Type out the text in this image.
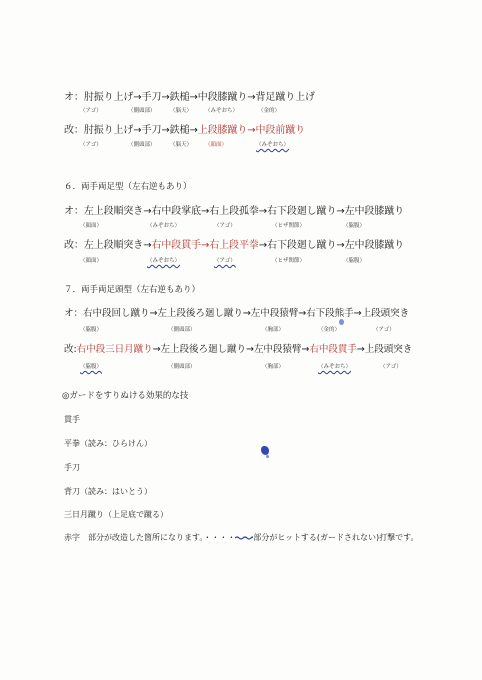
オ：肘振り上げ→手刀→鉄槌→中段膝蹴り→背足蹴り上げ
（アゴ）	（側頭部）	（脳天） （みぞおち）	（金的）
改：肘振り上げ→手刀→鉄槌→上段膝蹴り→中段前蹴り
（アゴ）	（側頭部）	（脳天） （顔面）	（みぞおち）
６．両手両足型（左右逆もあり）
オ：左上段順突き→右中段掌底→右上段孤拳→右下段廻し蹴り→左中段膝蹴り
（顔面）	（みぞおち）	（アゴ）	（ヒザ関節）	（脇腹）
改：左上段順突き→右中段貫手→右上段平拳→右下段廻し蹴り→左中段膝蹴り
（顔面）	（みぞおち）	（アゴ）	（ヒザ関節）	（脇腹）
７．両手両足頭型（左右逆もあり）
オ：右中段回し蹴り→左上段後ろ廻し蹴り→左中段猿臂→右下段熊手→上段頭突き
（脇腹）	（側頭部）	（胸部）	（金的）	（アゴ）
改:右中段三日月蹴り→左上段後ろ廻し蹴り→左中段猿臂→右中段貫手→上段頭突き
（脇腹）	（側頭部）	（胸部）	（みぞおち）	（アゴ）
◎ガードをすりぬける効果的な技
貫手
平拳（読み：ひらけん）
手刀
背刀（読み：はいとう）
三日月蹴り（上足底で蹴る）
赤字　部分が改造した箇所になります。・・・・ 部分がヒットする(ガードされない)打撃です。
